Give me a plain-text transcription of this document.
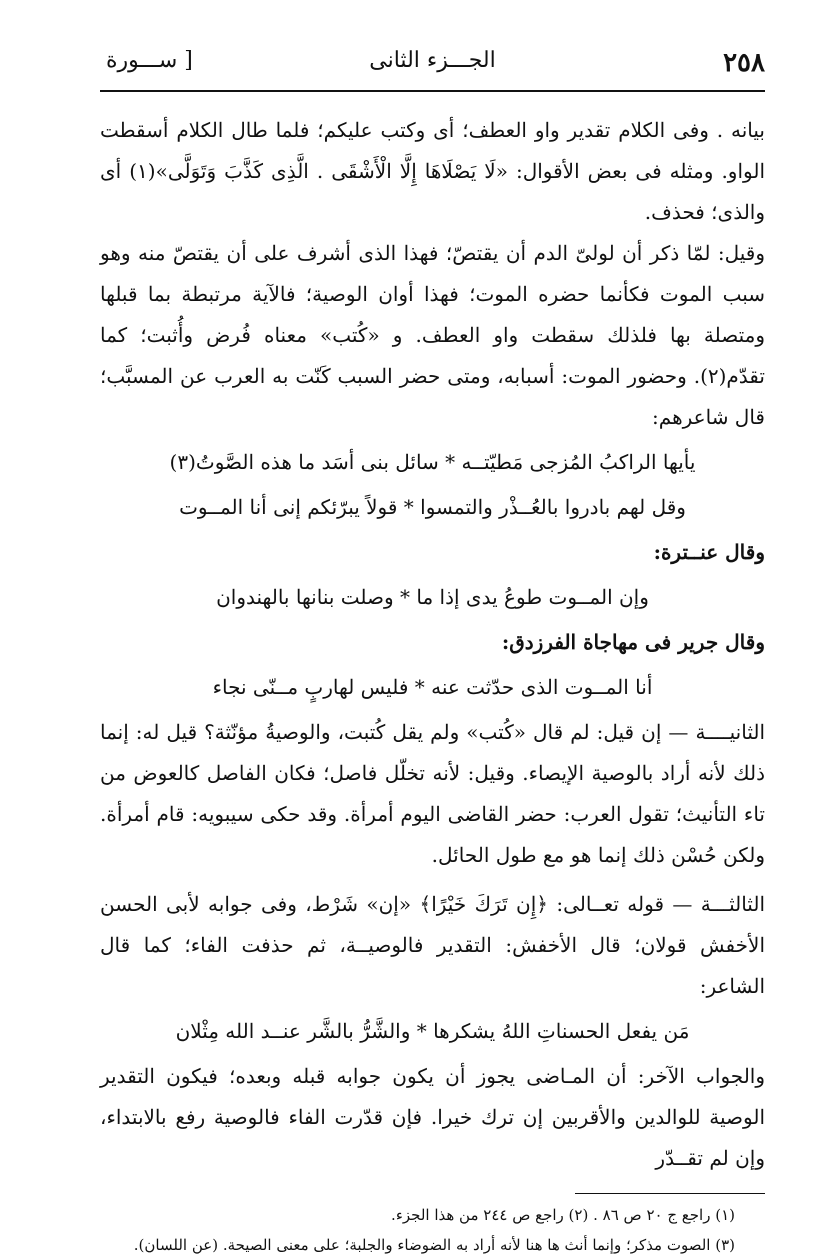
٢٥٨
الجـــزء الثانى
[ ســـورة

بيانه . وفى الكلام تقدير واو العطف؛ أى وكتب عليكم؛ فلما طال الكلام أسقطت الواو. ومثله فى بعض الأقوال: «لَا يَصْلَاهَا إِلَّا الْأَشْقَى . الَّذِى كَذَّبَ وَتَوَلَّى»(١) أى والذى؛ فحذف.

وقيل: لمّا ذكر أن لولىّ الدم أن يقتصّ؛ فهذا الذى أشرف على أن يقتصّ منه وهو سبب الموت فكأنما حضره الموت؛ فهذا أوان الوصية؛ فالآية مرتبطة بما قبلها ومتصلة بها فلذلك سقطت واو العطف. و «كُتب» معناه فُرض وأُثبت؛ كما تقدّم(٢). وحضور الموت: أسبابه، ومتى حضر السبب كَنّت به العرب عن المسبَّب؛ قال شاعرهم:

يأيها الراكبُ المُزجى مَطيّتــه * سائل بنى أسَد ما هذه الصَّوتُ(٣)
وقل لهم بادروا بالعُــذْر والتمسوا * قولاً يبرّئكم إنى أنا المــوت

وقال عنــترة:

وإن المــوت طوعُ يدى إذا ما * وصلت بنانها بالهندوان

وقال جرير فى مهاجاة الفرزدق:

أنا المــوت الذى حدّثت عنه * فليس لهاربٍ مــنّى نجاء

الثانيــــة — إن قيل: لم قال «كُتب» ولم يقل كُتبت، والوصيةُ مؤنّثة؟ قيل له: إنما ذلك لأنه أراد بالوصية الإيصاء. وقيل: لأنه تخلّل فاصل؛ فكان الفاصل كالعوض من تاء التأنيث؛ تقول العرب: حضر القاضى اليوم أمرأة. وقد حكى سيبويه: قام أمرأة. ولكن حُسْن ذلك إنما هو مع طول الحائل.

الثالثـــة — قوله تعــالى: ﴿إِن تَرَكَ خَيْرًا﴾ «إن» شَرْط، وفى جوابه لأبى الحسن الأخفش قولان؛ قال الأخفش: التقدير فالوصيــة، ثم حذفت الفاء؛ كما قال الشاعر:

مَن يفعل الحسناتِ اللهُ يشكرها * والشَّرُّ بالشَّر عنــد الله مِثْلان

والجواب الآخر: أن المـاضى يجوز أن يكون جوابه قبله وبعده؛ فيكون التقدير الوصية للوالدين والأقربين إن ترك خيرا. فإن قدّرت الفاء فالوصية رفع بالابتداء، وإن لم تقــدّر

(١) راجع ج ٢٠ ص ٨٦ . (٢) راجع ص ٢٤٤ من هذا الجزء.
(٣) الصوت مذكر؛ وإنما أنث ها هنا لأنه أراد به الضوضاء والجلبة؛ على معنى الصيحة. (عن اللسان).
